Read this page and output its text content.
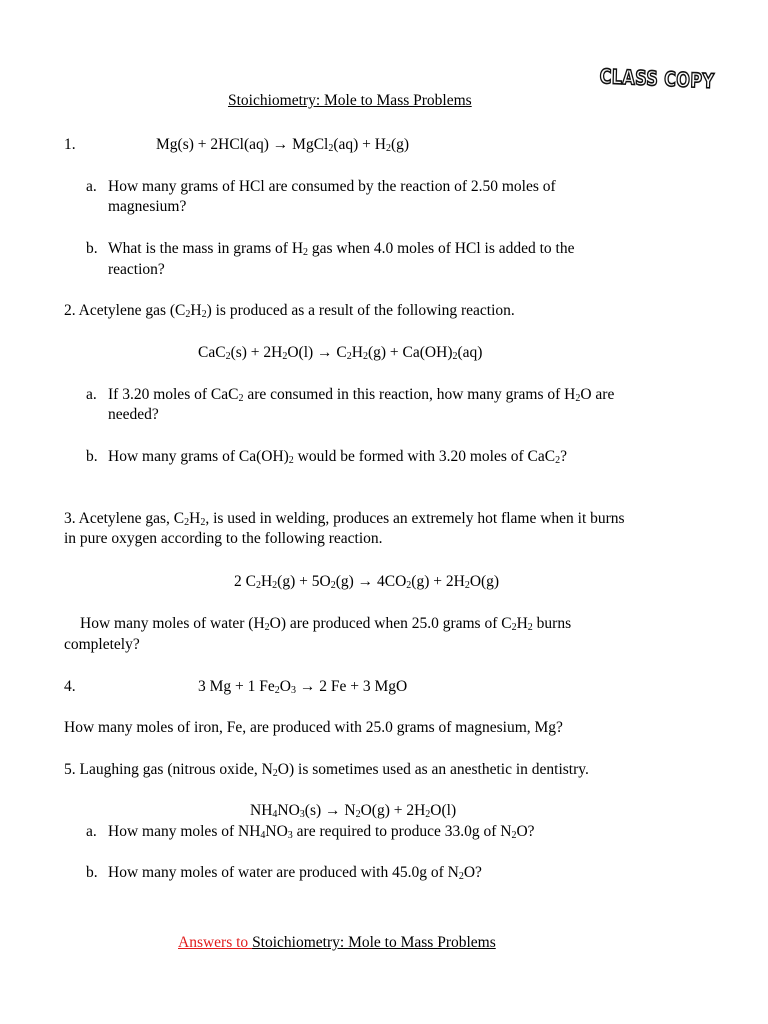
CLASS COPY
Stoichiometry: Mole to Mass Problems
1.	Mg(s) + 2HCl(aq) → MgCl$_2$(aq) + $H_2(g)$
a. How many grams of HCl are consumed by the reaction of 2.50 moles of
magnesium?
b. What is the mass in grams of $H_2$ gas when 4.0 moles of HCl is added to the
reaction?
2. Acetylene gas $(C_2H_2)$ is produced as a result of the following reaction.
$CaC_2(s) + 2H_2O(l) \to C_2H_2(g) + Ca(OH)_2(aq)$
a. If 3.20 moles of CaC$_2$ are consumed in this reaction, how many grams of $H_2O$ are
needed?
b. How many grams of $Ca(OH)_2$ would be formed with 3.20 moles of CaC$_2$?
3. Acetylene gas, $C_2H_2$, is used in welding, produces an extremely hot flame when it burns
in pure oxygen according to the following reaction.
2 $C_2H_2(g) + 5O_2(g) \to 4CO_2(g) + 2H_2O(g)$
How many moles of water $(H_2O)$ are produced when 25.0 grams of $C_2H_2$ burns
completely?
4.	3 Mg + 1 $Fe_2O_3 \to 2$ Fe + 3 MgO
How many moles of iron, Fe, are produced with 25.0 grams of magnesium, Mg?
5. Laughing gas (nitrous oxide, $N_2O$) is sometimes used as an anesthetic in dentistry.
$NH_4NO_3(s) \to N_2O(g) + 2H_2O(l)$
a. How many moles of $NH_4NO_3$ are required to produce 33.0g of $N_2O$?
b. How many moles of water are produced with 45.0g of $N_2O$?
Answers to Stoichiometry: Mole to Mass Problems
